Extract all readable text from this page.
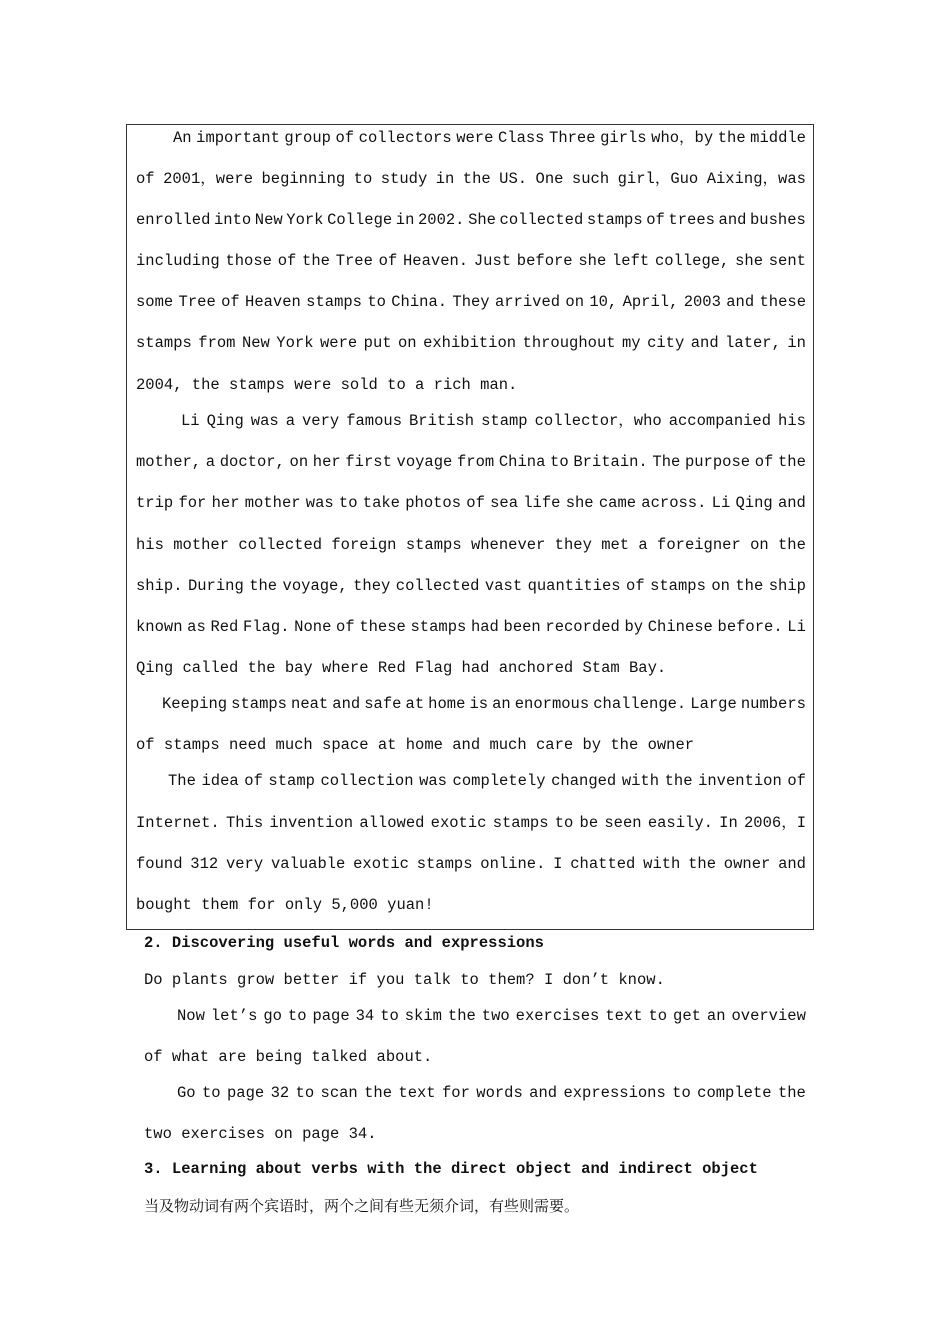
An important group of collectors were Class Three girls who，by the middle
of 2001，were beginning to study in the US. One such girl，Guo Aixing，was
enrolled into New York College in 2002. She collected stamps of trees and bushes
including those of the Tree of Heaven. Just before she left college, she sent
some Tree of Heaven stamps to China. They arrived on 10, April, 2003 and these
stamps from New York were put on exhibition throughout my city and later, in
2004, the stamps were sold to a rich man.
Li Qing was a very famous British stamp collector，who accompanied his
mother, a doctor, on her first voyage from China to Britain. The purpose of the
trip for her mother was to take photos of sea life she came across. Li Qing and
his mother collected foreign stamps whenever they met a foreigner on the
ship. During the voyage, they collected vast quantities of stamps on the ship
known as Red Flag. None of these stamps had been recorded by Chinese before. Li
Qing called the bay where Red Flag had anchored Stam Bay.
Keeping stamps neat and safe at home is an enormous challenge. Large numbers
of stamps need much space at home and much care by the owner
The idea of stamp collection was completely changed with the invention of
Internet. This invention allowed exotic stamps to be seen easily. In 2006，I
found 312 very valuable exotic stamps online. I chatted with the owner and
bought them for only 5,000 yuan!
2. Discovering useful words and expressions
Do plants grow better if you talk to them? I don’t know.
Now let’s go to page 34 to skim the two exercises text to get an overview
of what are being talked about.
Go to page 32 to scan the text for words and expressions to complete the
two exercises on page 34.
3. Learning about verbs with the direct object and indirect object
当及物动词有两个宾语时，两个之间有些无须介词，有些则需要。
